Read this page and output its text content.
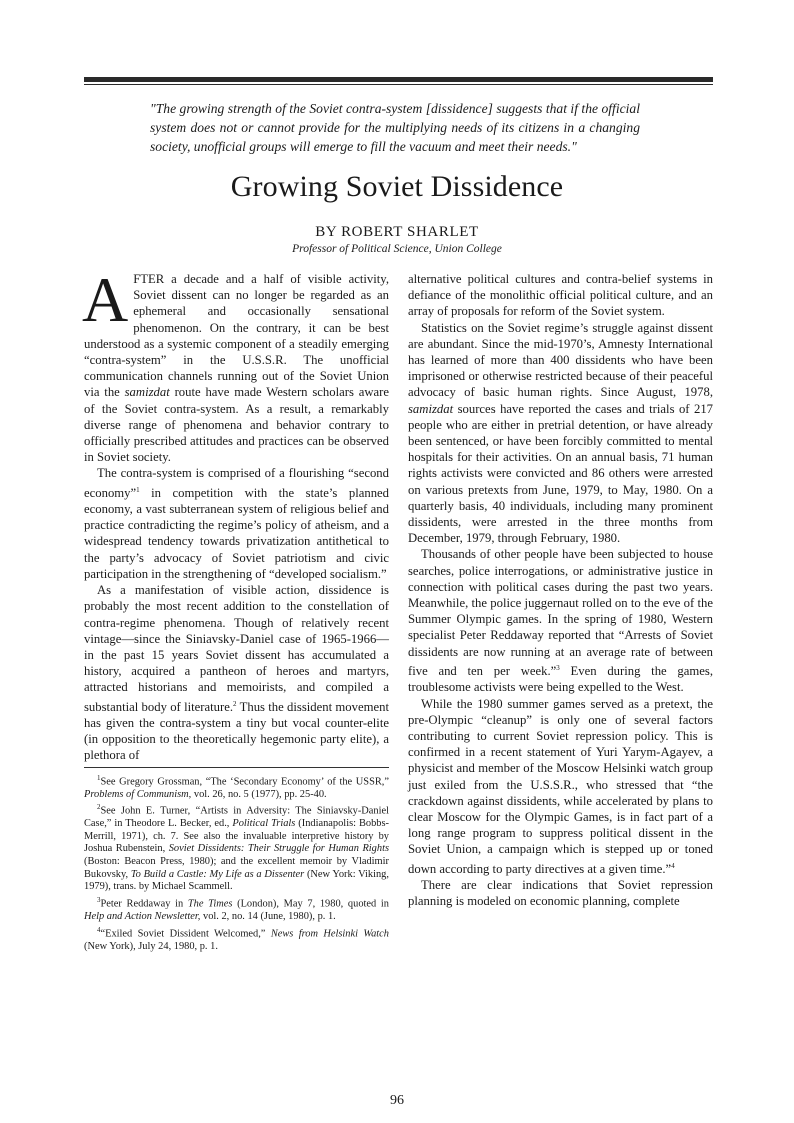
"The growing strength of the Soviet contra-system [dissidence] suggests that if the official system does not or cannot provide for the multiplying needs of its citizens in a changing society, unofficial groups will emerge to fill the vacuum and meet their needs."
Growing Soviet Dissidence
BY ROBERT SHARLET
Professor of Political Science, Union College

AFTER a decade and a half of visible activity, Soviet dissent can no longer be regarded as an ephemeral and occasionally sensational phenomenon. On the contrary, it can be best understood as a systemic component of a steadily emerging “contra-system” in the U.S.S.R. The unofficial communication channels running out of the Soviet Union via the samizdat route have made Western scholars aware of the Soviet contra-system. As a result, a remarkably diverse range of phenomena and behavior contrary to officially prescribed attitudes and practices can be observed in Soviet society.

The contra-system is comprised of a flourishing “second economy”$^1$ in competition with the state’s planned economy, a vast subterranean system of religious belief and practice contradicting the regime’s policy of atheism, and a widespread tendency towards privatization antithetical to the party’s advocacy of Soviet patriotism and civic participation in the strengthening of “developed socialism.”

As a manifestation of visible action, dissidence is probably the most recent addition to the constellation of contra-regime phenomena. Though of relatively recent vintage—since the Siniavsky-Daniel case of 1965-1966—in the past 15 years Soviet dissent has accumulated a history, acquired a pantheon of heroes and martyrs, attracted historians and memoirists, and compiled a substantial body of literature.$^2$ Thus the dissident movement has given the contra-system a tiny but vocal counter-elite (in opposition to the theoretically hegemonic party elite), a plethora of

$^1$See Gregory Grossman, “The ‘Secondary Economy’ of the USSR,” Problems of Communism, vol. 26, no. 5 (1977), pp. 25-40.

$^2$See John E. Turner, “Artists in Adversity: The Siniavsky-Daniel Case,” in Theodore L. Becker, ed., Political Trials (Indianapolis: Bobbs-Merrill, 1971), ch. 7. See also the invaluable interpretive history by Joshua Rubenstein, Soviet Dissidents: Their Struggle for Human Rights (Boston: Beacon Press, 1980); and the excellent memoir by Vladimir Bukovsky, To Build a Castle: My Life as a Dissenter (New York: Viking, 1979), trans. by Michael Scammell.

$^3$Peter Reddaway in The Times (London), May 7, 1980, quoted in Help and Action Newsletter, vol. 2, no. 14 (June, 1980), p. 1.

$^4$“Exiled Soviet Dissident Welcomed,” News from Helsinki Watch (New York), July 24, 1980, p. 1.

alternative political cultures and contra-belief systems in defiance of the monolithic official political culture, and an array of proposals for reform of the Soviet system.

Statistics on the Soviet regime’s struggle against dissent are abundant. Since the mid-1970’s, Amnesty International has learned of more than 400 dissidents who have been imprisoned or otherwise restricted because of their peaceful advocacy of basic human rights. Since August, 1978, samizdat sources have reported the cases and trials of 217 people who are either in pretrial detention, or have already been sentenced, or have been forcibly committed to mental hospitals for their activities. On an annual basis, 71 human rights activists were convicted and 86 others were arrested on various pretexts from June, 1979, to May, 1980. On a quarterly basis, 40 individuals, including many prominent dissidents, were arrested in the three months from December, 1979, through February, 1980.

Thousands of other people have been subjected to house searches, police interrogations, or administrative justice in connection with political cases during the past two years. Meanwhile, the police juggernaut rolled on to the eve of the Summer Olympic games. In the spring of 1980, Western specialist Peter Reddaway reported that “Arrests of Soviet dissidents are now running at an average rate of between five and ten per week.”$^3$ Even during the games, troublesome activists were being expelled to the West.

While the 1980 summer games served as a pretext, the pre-Olympic “cleanup” is only one of several factors contributing to current Soviet repression policy. This is confirmed in a recent statement of Yuri Yarym-Agayev, a physicist and member of the Moscow Helsinki watch group just exiled from the U.S.S.R., who stressed that “the crackdown against dissidents, while accelerated by plans to clear Moscow for the Olympic Games, is in fact part of a long range program to suppress political dissent in the Soviet Union, a campaign which is stepped up or toned down according to party directives at a given time.”$^4$

There are clear indications that Soviet repression planning is modeled on economic planning, complete

96
